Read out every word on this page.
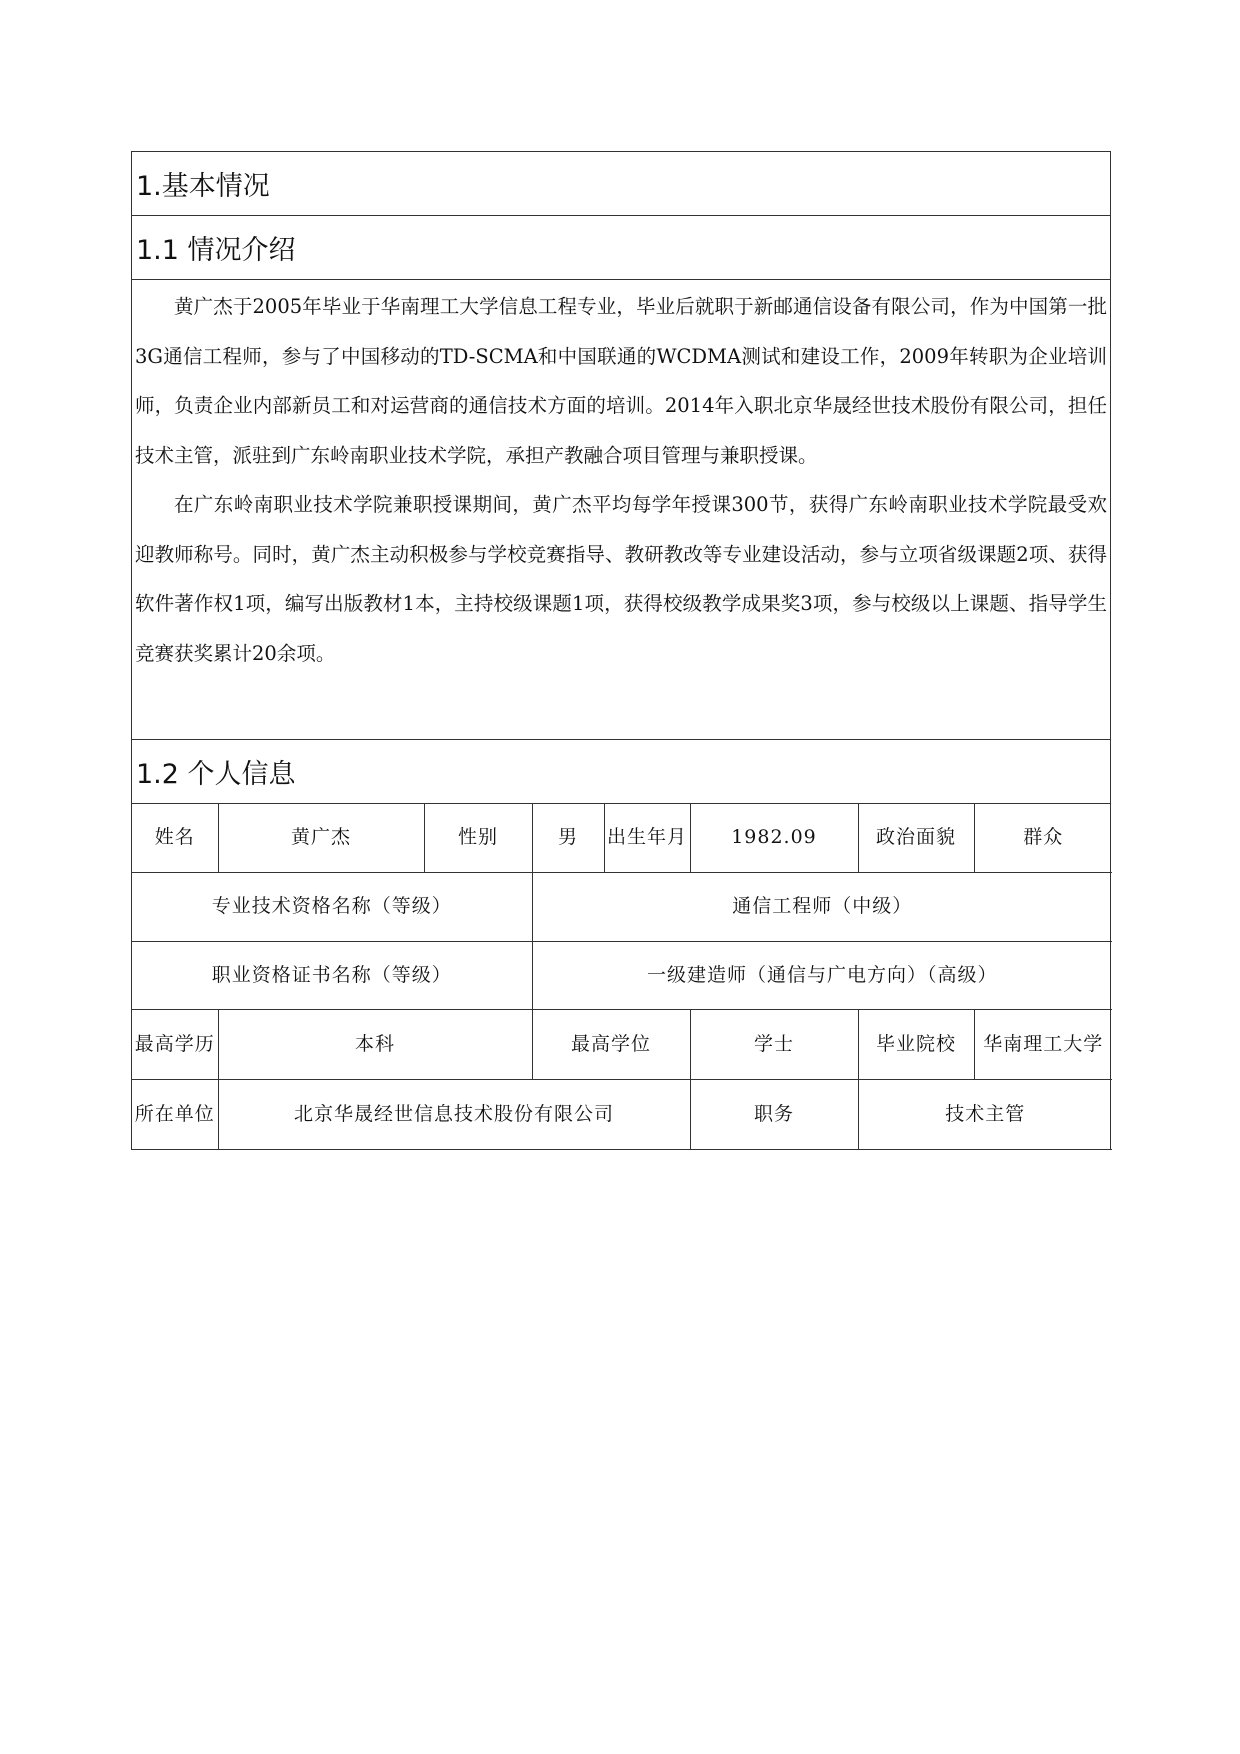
1.基本情况
1.1 情况介绍

黄广杰于2005年毕业于华南理工大学信息工程专业，毕业后就职于新邮通信设备有限公司，作为中国第一批3G通信工程师，参与了中国移动的TD-SCMA和中国联通的WCDMA测试和建设工作，2009年转职为企业培训师，负责企业内部新员工和对运营商的通信技术方面的培训。2014年入职北京华晟经世技术股份有限公司，担任技术主管，派驻到广东岭南职业技术学院，承担产教融合项目管理与兼职授课。

在广东岭南职业技术学院兼职授课期间，黄广杰平均每学年授课300节，获得广东岭南职业技术学院最受欢迎教师称号。同时，黄广杰主动积极参与学校竞赛指导、教研教改等专业建设活动，参与立项省级课题2项、获得软件著作权1项，编写出版教材1本，主持校级课题1项，获得校级教学成果奖3项，参与校级以上课题、指导学生竞赛获奖累计20余项。

1.2 个人信息
姓名	黄广杰	性别	男	出生年月	1982.09	政治面貌	群众
专业技术资格名称（等级）			通信工程师（中级）				
职业资格证书名称（等级）			一级建造师（通信与广电方向）（高级）				
最高学历	本科		最高学位		学士	毕业院校	华南理工大学
所在单位	北京华晟经世信息技术股份有限公司				职务	技术主管	
